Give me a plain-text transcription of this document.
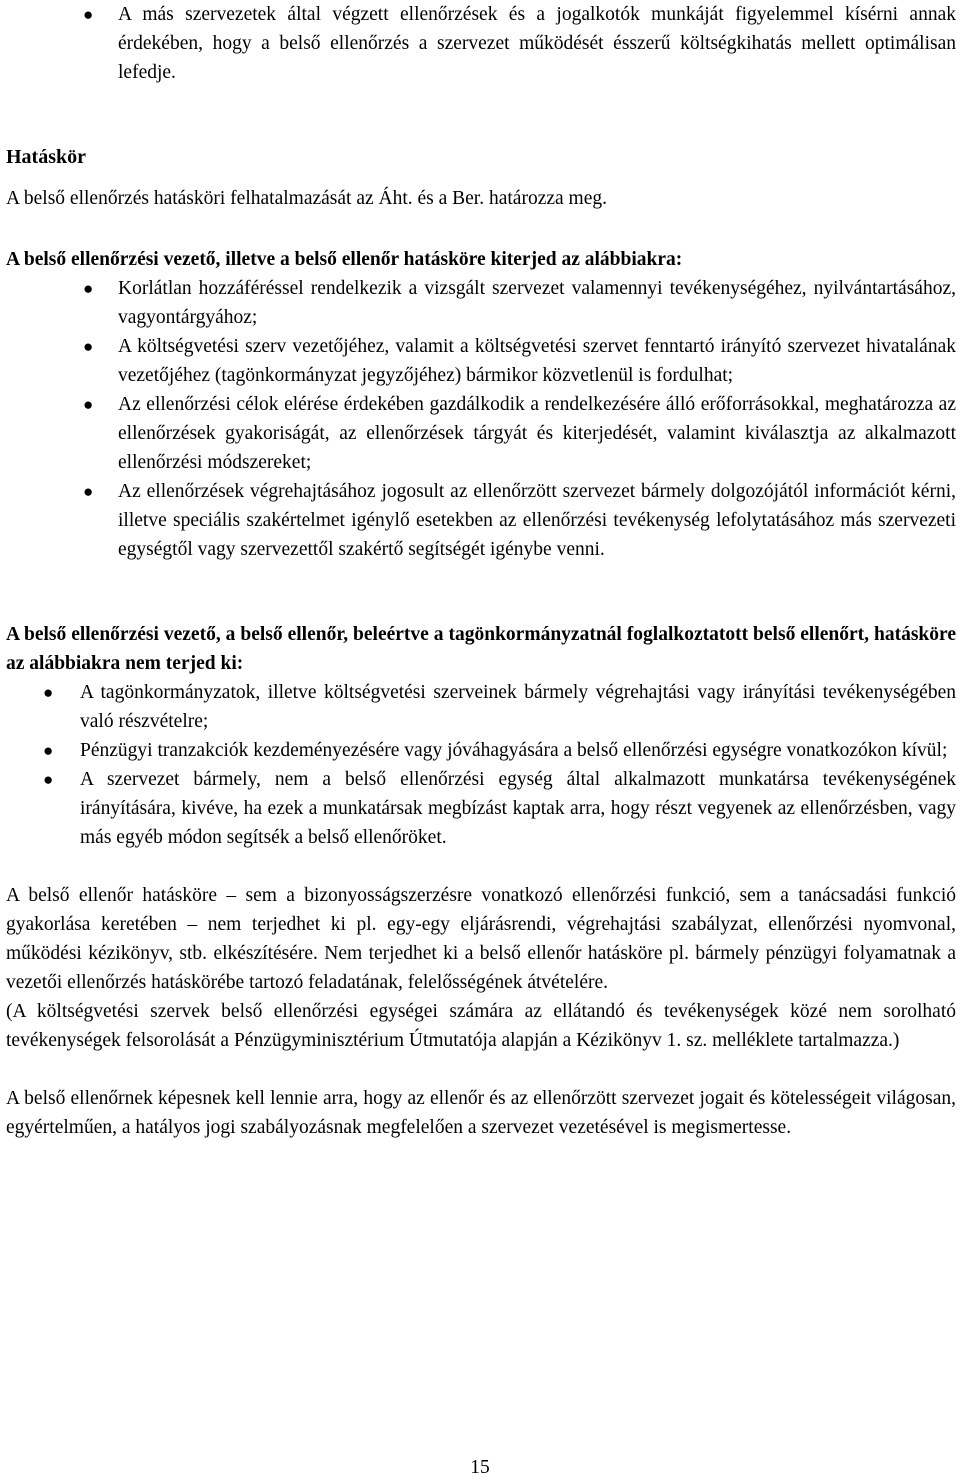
● A más szervezetek által végzett ellenőrzések és a jogalkotók munkáját figyelemmel kísérni annak érdekében, hogy a belső ellenőrzés a szervezet működését ésszerű költségkihatás mellett optimálisan lefedje.

Hatáskör

A belső ellenőrzés hatásköri felhatalmazását az Áht. és a Ber. határozza meg.

A belső ellenőrzési vezető, illetve a belső ellenőr hatásköre kiterjed az alábbiakra:

● Korlátlan hozzáféréssel rendelkezik a vizsgált szervezet valamennyi tevékenységéhez, nyilvántartásához, vagyontárgyához;
● A költségvetési szerv vezetőjéhez, valamit a költségvetési szervet fenntartó irányító szervezet hivatalának vezetőjéhez (tagönkormányzat jegyzőjéhez) bármikor közvetlenül is fordulhat;
● Az ellenőrzési célok elérése érdekében gazdálkodik a rendelkezésére álló erőforrásokkal, meghatározza az ellenőrzések gyakoriságát, az ellenőrzések tárgyát és kiterjedését, valamint kiválasztja az alkalmazott ellenőrzési módszereket;
● Az ellenőrzések végrehajtásához jogosult az ellenőrzött szervezet bármely dolgozójától információt kérni, illetve speciális szakértelmet igénylő esetekben az ellenőrzési tevékenység lefolytatásához más szervezeti egységtől vagy szervezettől szakértő segítségét igénybe venni.

A belső ellenőrzési vezető, a belső ellenőr, beleértve a tagönkormányzatnál foglalkoztatott belső ellenőrt, hatásköre az alábbiakra nem terjed ki:

● A tagönkormányzatok, illetve költségvetési szerveinek bármely végrehajtási vagy irányítási tevékenységében való részvételre;
● Pénzügyi tranzakciók kezdeményezésére vagy jóváhagyására a belső ellenőrzési egységre vonatkozókon kívül;
● A szervezet bármely, nem a belső ellenőrzési egység által alkalmazott munkatársa tevékenységének irányítására, kivéve, ha ezek a munkatársak megbízást kaptak arra, hogy részt vegyenek az ellenőrzésben, vagy más egyéb módon segítsék a belső ellenőröket.

A belső ellenőr hatásköre – sem a bizonyosságszerzésre vonatkozó ellenőrzési funkció, sem a tanácsadási funkció gyakorlása keretében – nem terjedhet ki pl. egy-egy eljárásrendi, végrehajtási szabályzat, ellenőrzési nyomvonal, működési kézikönyv, stb. elkészítésére. Nem terjedhet ki a belső ellenőr hatásköre pl. bármely pénzügyi folyamatnak a vezetői ellenőrzés hatáskörébe tartozó feladatának, felelősségének átvételére.

(A költségvetési szervek belső ellenőrzési egységei számára az ellátandó és tevékenységek közé nem sorolható tevékenységek felsorolását a Pénzügyminisztérium Útmutatója alapján a Kézikönyv 1. sz. melléklete tartalmazza.)

A belső ellenőrnek képesnek kell lennie arra, hogy az ellenőr és az ellenőrzött szervezet jogait és kötelességeit világosan, egyértelműen, a hatályos jogi szabályozásnak megfelelően a szervezet vezetésével is megismertesse.

15
